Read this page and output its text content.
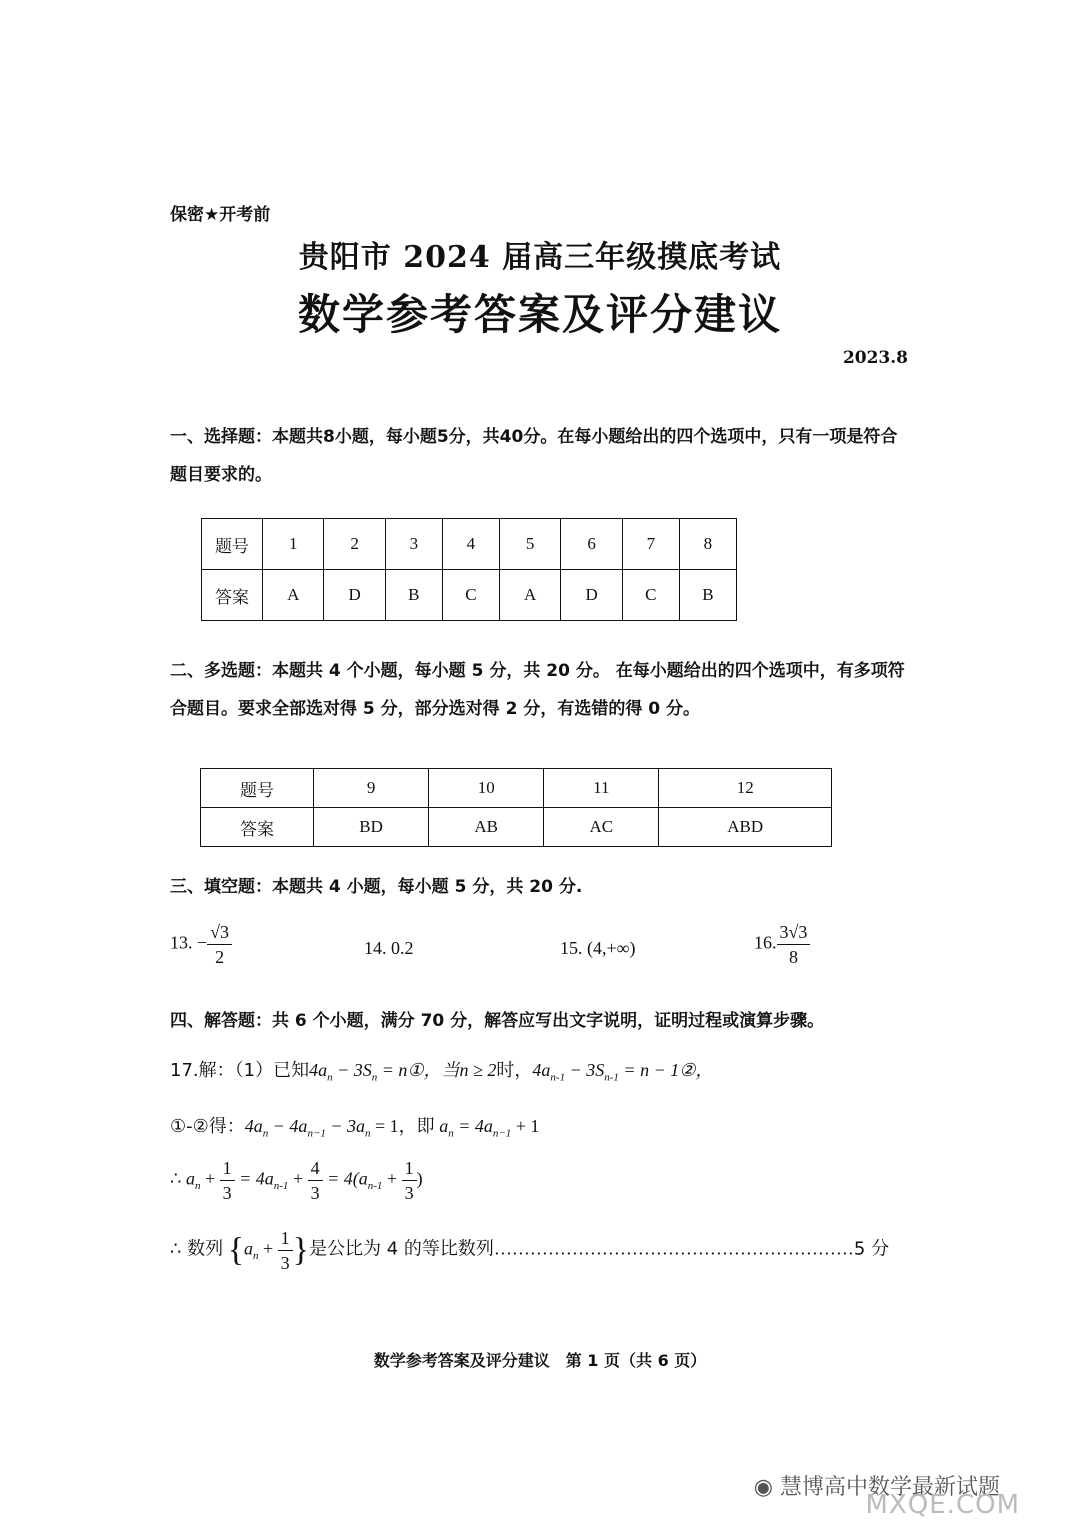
保密★开考前
贵阳市 2024 届高三年级摸底考试
数学参考答案及评分建议
2023.8
一、选择题：本题共8小题，每小题5分，共40分。在每小题给出的四个选项中，只有一项是符合题目要求的。
题号	1	2	3	4	5	6	7	8
答案	A	D	B	C	A	D	C	B
二、多选题：本题共 4 个小题，每小题 5 分，共 20 分。 在每小题给出的四个选项中，有多项符合题目。要求全部选对得 5 分，部分选对得 2 分，有选错的得 0 分。
题号	9	10	11	12
答案	BD	AB	AC	ABD
三、填空题：本题共 4 小题，每小题 5 分，共 20 分.
13. − $\frac{√3}{2}$	14. 0.2	15. (4,+∞)	16. $\frac{3√3}{8}$
四、解答题：共 6 个小题，满分 70 分，解答应写出文字说明，证明过程或演算步骤。
17.解：（1）已知$4a_n - 3S_n$ = n①，当n ≥ 2时，$4a_{n-1} - 3S_{n-1} = n$ − 1②，
①-②得：$4a_n - 4a_{n-1} - 3a_n = 1$，即 $a_n = 4a_{n-1} + 1$
∴ $a_n + \frac{1}{3} = 4a_{n-1} + \frac{4}{3} = 4(a_{n-1} + \frac{1}{3}$ )
∴ 数列 {$a_n + \frac{1}{3}$ }是公比为 4 的等比数列……………………………………………………5 分
数学参考答案及评分建议　第 1 页（共 6 页）
◉ 慧博高中数学最新试题
MXQE.COM
